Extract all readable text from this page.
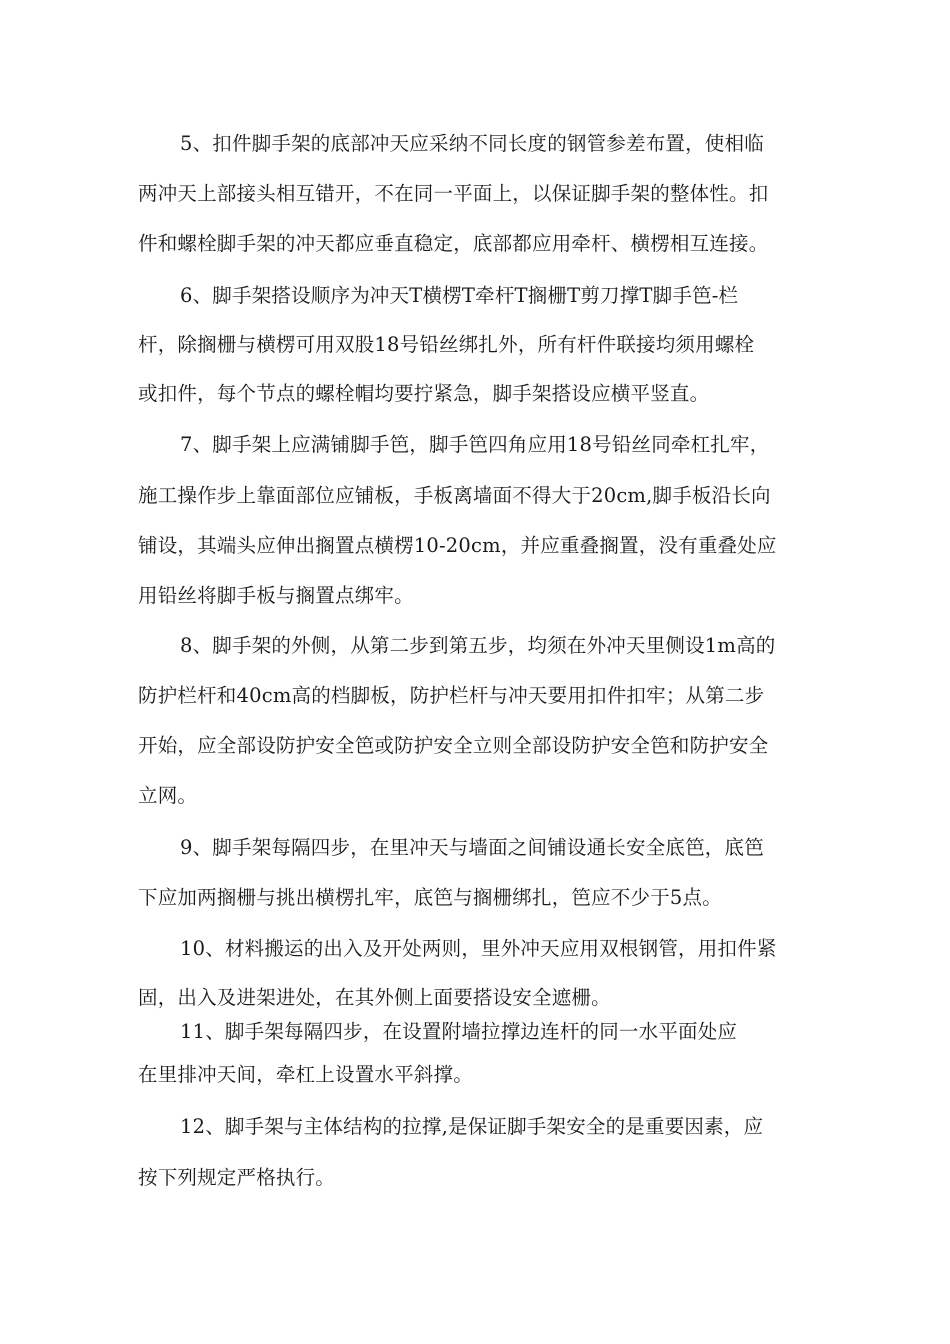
5、扣件脚手架的底部冲天应采纳不同长度的钢管参差布置，使相临
两冲天上部接头相互错开，不在同一平面上，以保证脚手架的整体性。扣
件和螺栓脚手架的冲天都应垂直稳定，底部都应用牵杆、横楞相互连接。
6、脚手架搭设顺序为冲天T横楞T牵杆T搁栅T剪刀撑T脚手笆-栏
杆，除搁栅与横楞可用双股18号铅丝绑扎外，所有杆件联接均须用螺栓
或扣件，每个节点的螺栓帽均要拧紧急，脚手架搭设应横平竖直。
7、脚手架上应满铺脚手笆，脚手笆四角应用18号铅丝同牵杠扎牢，
施工操作步上靠面部位应铺板，手板离墙面不得大于20cm,脚手板沿长向
铺设，其端头应伸出搁置点横楞10-20cm，并应重叠搁置，没有重叠处应
用铅丝将脚手板与搁置点绑牢。
8、脚手架的外侧，从第二步到第五步，均须在外冲天里侧设1m高的
防护栏杆和40cm高的档脚板，防护栏杆与冲天要用扣件扣牢；从第二步
开始，应全部设防护安全笆或防护安全立则全部设防护安全笆和防护安全
立网。
9、脚手架每隔四步，在里冲天与墙面之间铺设通长安全底笆，底笆
下应加两搁栅与挑出横楞扎牢，底笆与搁栅绑扎，笆应不少于5点。
10、材料搬运的出入及开处两则，里外冲天应用双根钢管，用扣件紧
固，出入及进架进处，在其外侧上面要搭设安全遮栅。
11、脚手架每隔四步，在设置附墙拉撑边连杆的同一水平面处应
在里排冲天间，牵杠上设置水平斜撑。
12、脚手架与主体结构的拉撑,是保证脚手架安全的是重要因素，应
按下列规定严格执行。
